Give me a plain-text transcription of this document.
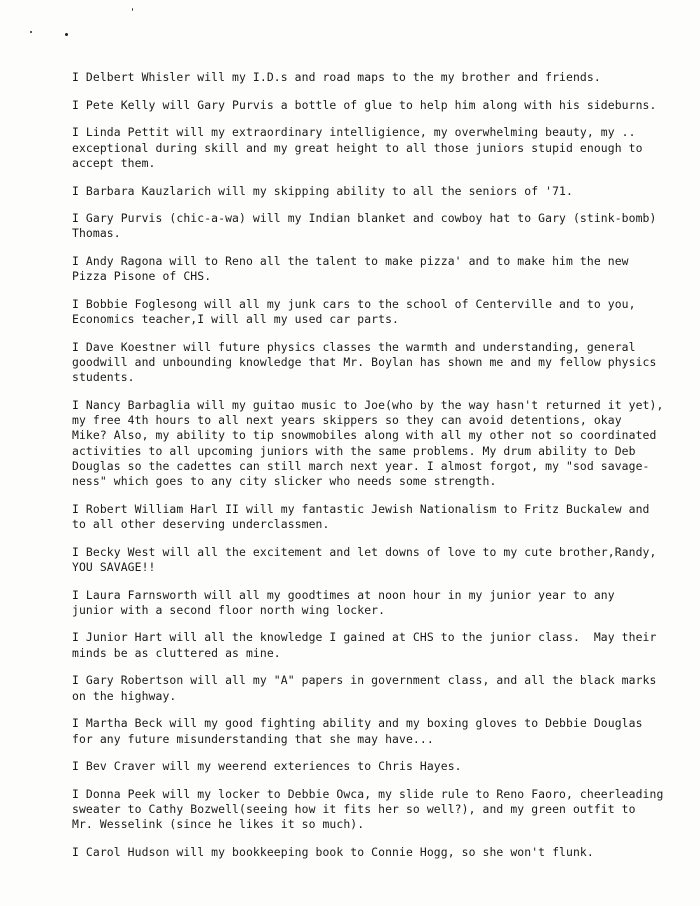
I Delbert Whisler will my I.D.s and road maps to the my brother and friends.
I Pete Kelly will Gary Purvis a bottle of glue to help him along with his sideburns.
I Linda Pettit will my extraordinary intelligience, my overwhelming beauty, my ..
exceptional during skill and my great height to all those juniors stupid enough to
accept them.
I Barbara Kauzlarich will my skipping ability to all the seniors of '71.
I Gary Purvis (chic-a-wa) will my Indian blanket and cowboy hat to Gary (stink-bomb)
Thomas.
I Andy Ragona will to Reno all the talent to make pizza' and to make him the new
Pizza Pisone of CHS.
I Bobbie Foglesong will all my junk cars to the school of Centerville and to you,
Economics teacher,I will all my used car parts.
I Dave Koestner will future physics classes the warmth and understanding, general
goodwill and unbounding knowledge that Mr. Boylan has shown me and my fellow physics
students.
I Nancy Barbaglia will my guitao music to Joe(who by the way hasn't returned it yet),
my free 4th hours to all next years skippers so they can avoid detentions, okay
Mike? Also, my ability to tip snowmobiles along with all my other not so coordinated
activities to all upcoming juniors with the same problems. My drum ability to Deb
Douglas so the cadettes can still march next year. I almost forgot, my "sod savage-
ness" which goes to any city slicker who needs some strength.
I Robert William Harl II will my fantastic Jewish Nationalism to Fritz Buckalew and
to all other deserving underclassmen.
I Becky West will all the excitement and let downs of love to my cute brother,Randy,
YOU SAVAGE!!
I Laura Farnsworth will all my goodtimes at noon hour in my junior year to any
junior with a second floor north wing locker.
I Junior Hart will all the knowledge I gained at CHS to the junior class.  May their
minds be as cluttered as mine.
I Gary Robertson will all my "A" papers in government class, and all the black marks
on the highway.
I Martha Beck will my good fighting ability and my boxing gloves to Debbie Douglas
for any future misunderstanding that she may have...
I Bev Craver will my weerend exteriences to Chris Hayes.
I Donna Peek will my locker to Debbie Owca, my slide rule to Reno Faoro, cheerleading
sweater to Cathy Bozwell(seeing how it fits her so well?), and my green outfit to
Mr. Wesselink (since he likes it so much).
I Carol Hudson will my bookkeeping book to Connie Hogg, so she won't flunk.
